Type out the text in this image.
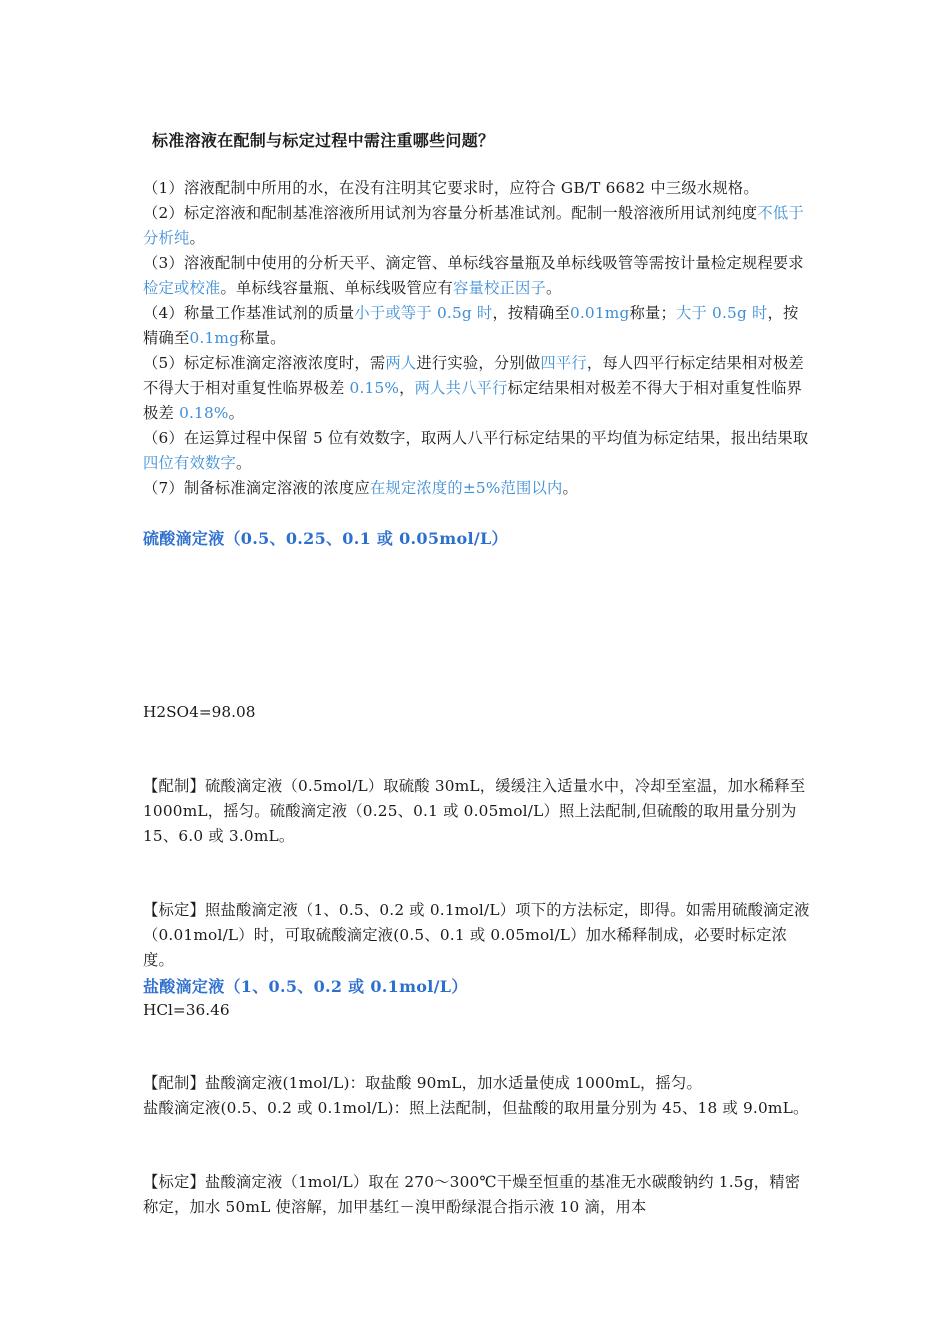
标准溶液在配制与标定过程中需注重哪些问题？
（1）溶液配制中所用的水，在没有注明其它要求时，应符合 GB/T 6682 中三级水规格。
（2）标定溶液和配制基准溶液所用试剂为容量分析基准试剂。配制一般溶液所用试剂纯度不低于分析纯。
（3）溶液配制中使用的分析天平、滴定管、单标线容量瓶及单标线吸管等需按计量检定规程要求检定或校准。单标线容量瓶、单标线吸管应有容量校正因子。
（4）称量工作基准试剂的质量小于或等于 0.5g 时，按精确至0.01mg称量；大于 0.5g 时，按精确至0.1mg称量。
（5）标定标准滴定溶液浓度时，需两人进行实验，分别做四平行，每人四平行标定结果相对极差不得大于相对重复性临界极差 0.15%，两人共八平行标定结果相对极差不得大于相对重复性临界极差 0.18%。
（6）在运算过程中保留 5 位有效数字，取两人八平行标定结果的平均值为标定结果，报出结果取四位有效数字。
（7）制备标准滴定溶液的浓度应在规定浓度的±5%范围以内。
硫酸滴定液（0.5、0.25、0.1 或 0.05mol/L）
H2SO4=98.08
【配制】硫酸滴定液（0.5mol/L）取硫酸 30mL，缓缓注入适量水中，冷却至室温，加水稀释至 1000mL，摇匀。硫酸滴定液（0.25、0.1 或 0.05mol/L）照上法配制,但硫酸的取用量分别为 15、6.0 或 3.0mL。
【标定】照盐酸滴定液（1、0.5、0.2 或 0.1mol/L）项下的方法标定，即得。如需用硫酸滴定液（0.01mol/L）时，可取硫酸滴定液(0.5、0.1 或 0.05mol/L）加水稀释制成，必要时标定浓度。
盐酸滴定液（1、0.5、0.2 或 0.1mol/L）
HCl=36.46
【配制】盐酸滴定液(1mol/L)：取盐酸 90mL，加水适量使成 1000mL，摇匀。
盐酸滴定液(0.5、0.2 或 0.1mol/L)：照上法配制，但盐酸的取用量分别为 45、18 或 9.0mL。
【标定】盐酸滴定液（1mol/L）取在 270～300℃干燥至恒重的基准无水碳酸钠约 1.5g，精密称定，加水 50mL 使溶解，加甲基红－溴甲酚绿混合指示液 10 滴，用本
